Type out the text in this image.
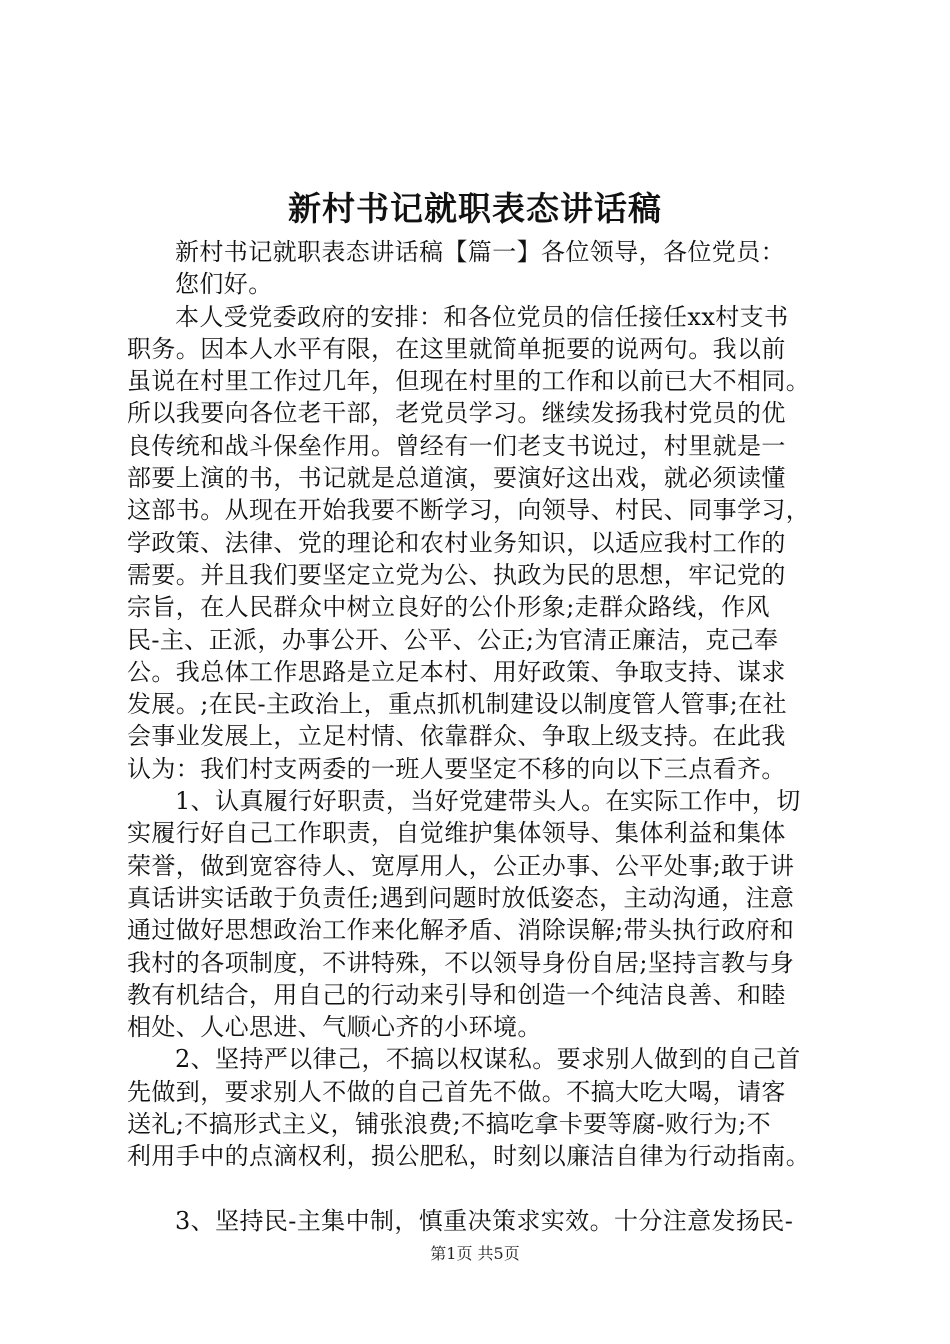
新村书记就职表态讲话稿
新村书记就职表态讲话稿【篇一】各位领导，各位党员：
您们好。
本人受党委政府的安排：和各位党员的信任接任xx村支书
职务。因本人水平有限，在这里就简单扼要的说两句。我以前
虽说在村里工作过几年，但现在村里的工作和以前已大不相同。
所以我要向各位老干部，老党员学习。继续发扬我村党员的优
良传统和战斗保垒作用。曾经有一们老支书说过，村里就是一
部要上演的书，书记就是总道演，要演好这出戏，就必须读懂
这部书。从现在开始我要不断学习，向领导、村民、同事学习，
学政策、法律、党的理论和农村业务知识，以适应我村工作的
需要。并且我们要坚定立党为公、执政为民的思想，牢记党的
宗旨，在人民群众中树立良好的公仆形象;走群众路线，作风
民-主、正派，办事公开、公平、公正;为官清正廉洁，克己奉
公。我总体工作思路是立足本村、用好政策、争取支持、谋求
发展。;在民-主政治上，重点抓机制建设以制度管人管事;在社
会事业发展上，立足村情、依靠群众、争取上级支持。在此我
认为：我们村支两委的一班人要坚定不移的向以下三点看齐。
1、认真履行好职责，当好党建带头人。在实际工作中，切
实履行好自己工作职责，自觉维护集体领导、集体利益和集体
荣誉，做到宽容待人、宽厚用人，公正办事、公平处事;敢于讲
真话讲实话敢于负责任;遇到问题时放低姿态，主动沟通，注意
通过做好思想政治工作来化解矛盾、消除误解;带头执行政府和
我村的各项制度，不讲特殊，不以领导身份自居;坚持言教与身
教有机结合，用自己的行动来引导和创造一个纯洁良善、和睦
相处、人心思进、气顺心齐的小环境。
2、坚持严以律己，不搞以权谋私。要求别人做到的自己首
先做到，要求别人不做的自己首先不做。不搞大吃大喝，请客
送礼;不搞形式主义，铺张浪费;不搞吃拿卡要等腐-败行为;不
利用手中的点滴权利，损公肥私，时刻以廉洁自律为行动指南。
3、坚持民-主集中制，慎重决策求实效。十分注意发扬民-
第1页 共5页
